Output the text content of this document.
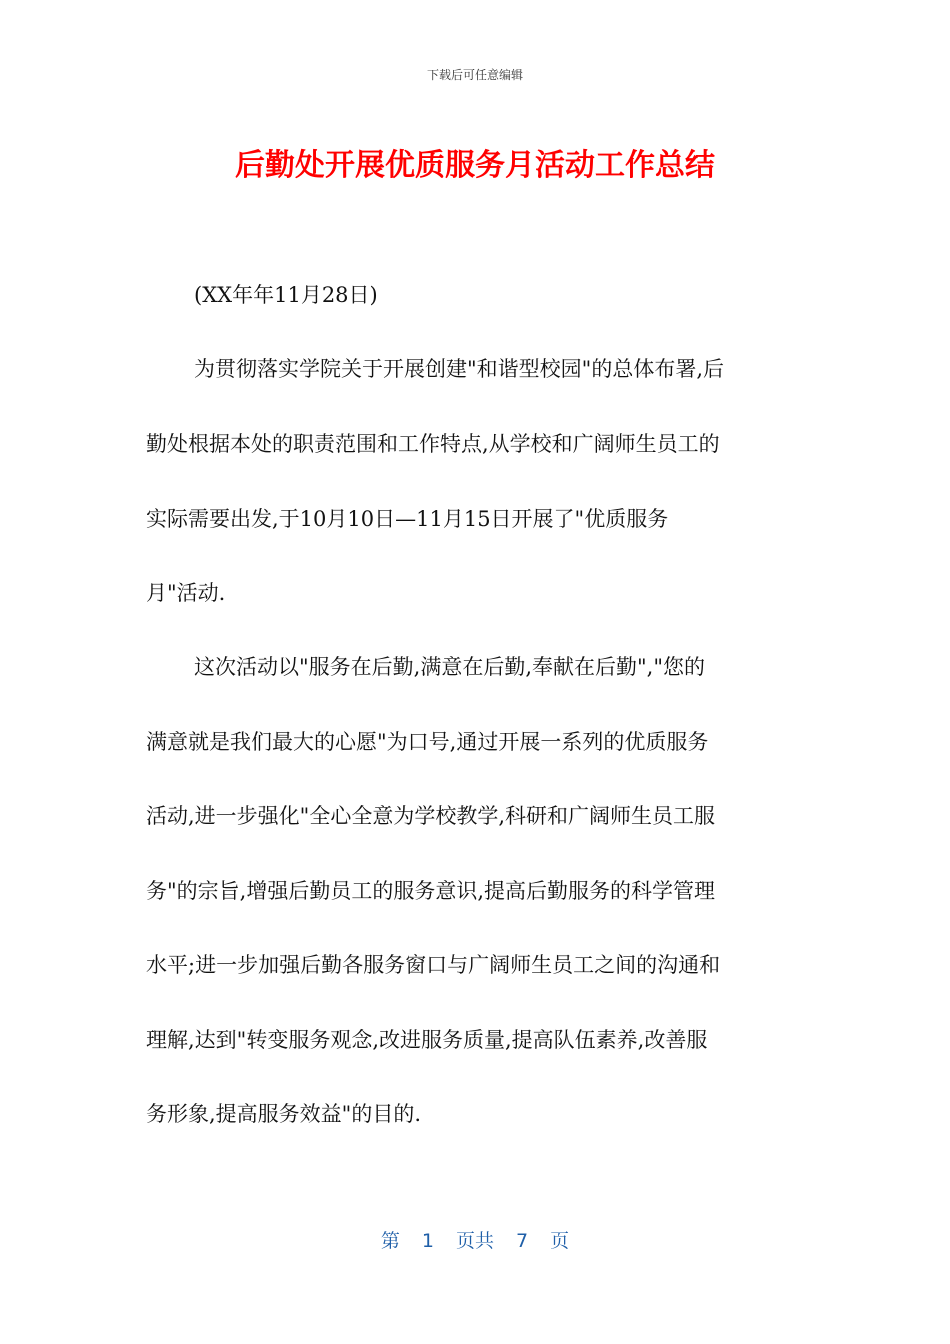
下载后可任意编辑
后勤处开展优质服务月活动工作总结
(XX年年11月28日)
为贯彻落实学院关于开展创建"和谐型校园"的总体布署,后
勤处根据本处的职责范围和工作特点,从学校和广阔师生员工的
实际需要出发,于10月10日—11月15日开展了"优质服务
月"活动.
这次活动以"服务在后勤,满意在后勤,奉献在后勤","您的
满意就是我们最大的心愿"为口号,通过开展一系列的优质服务
活动,进一步强化"全心全意为学校教学,科研和广阔师生员工服
务"的宗旨,增强后勤员工的服务意识,提高后勤服务的科学管理
水平;进一步加强后勤各服务窗口与广阔师生员工之间的沟通和
理解,达到"转变服务观念,改进服务质量,提高队伍素养,改善服
务形象,提高服务效益"的目的.
第 1 页共 7 页
